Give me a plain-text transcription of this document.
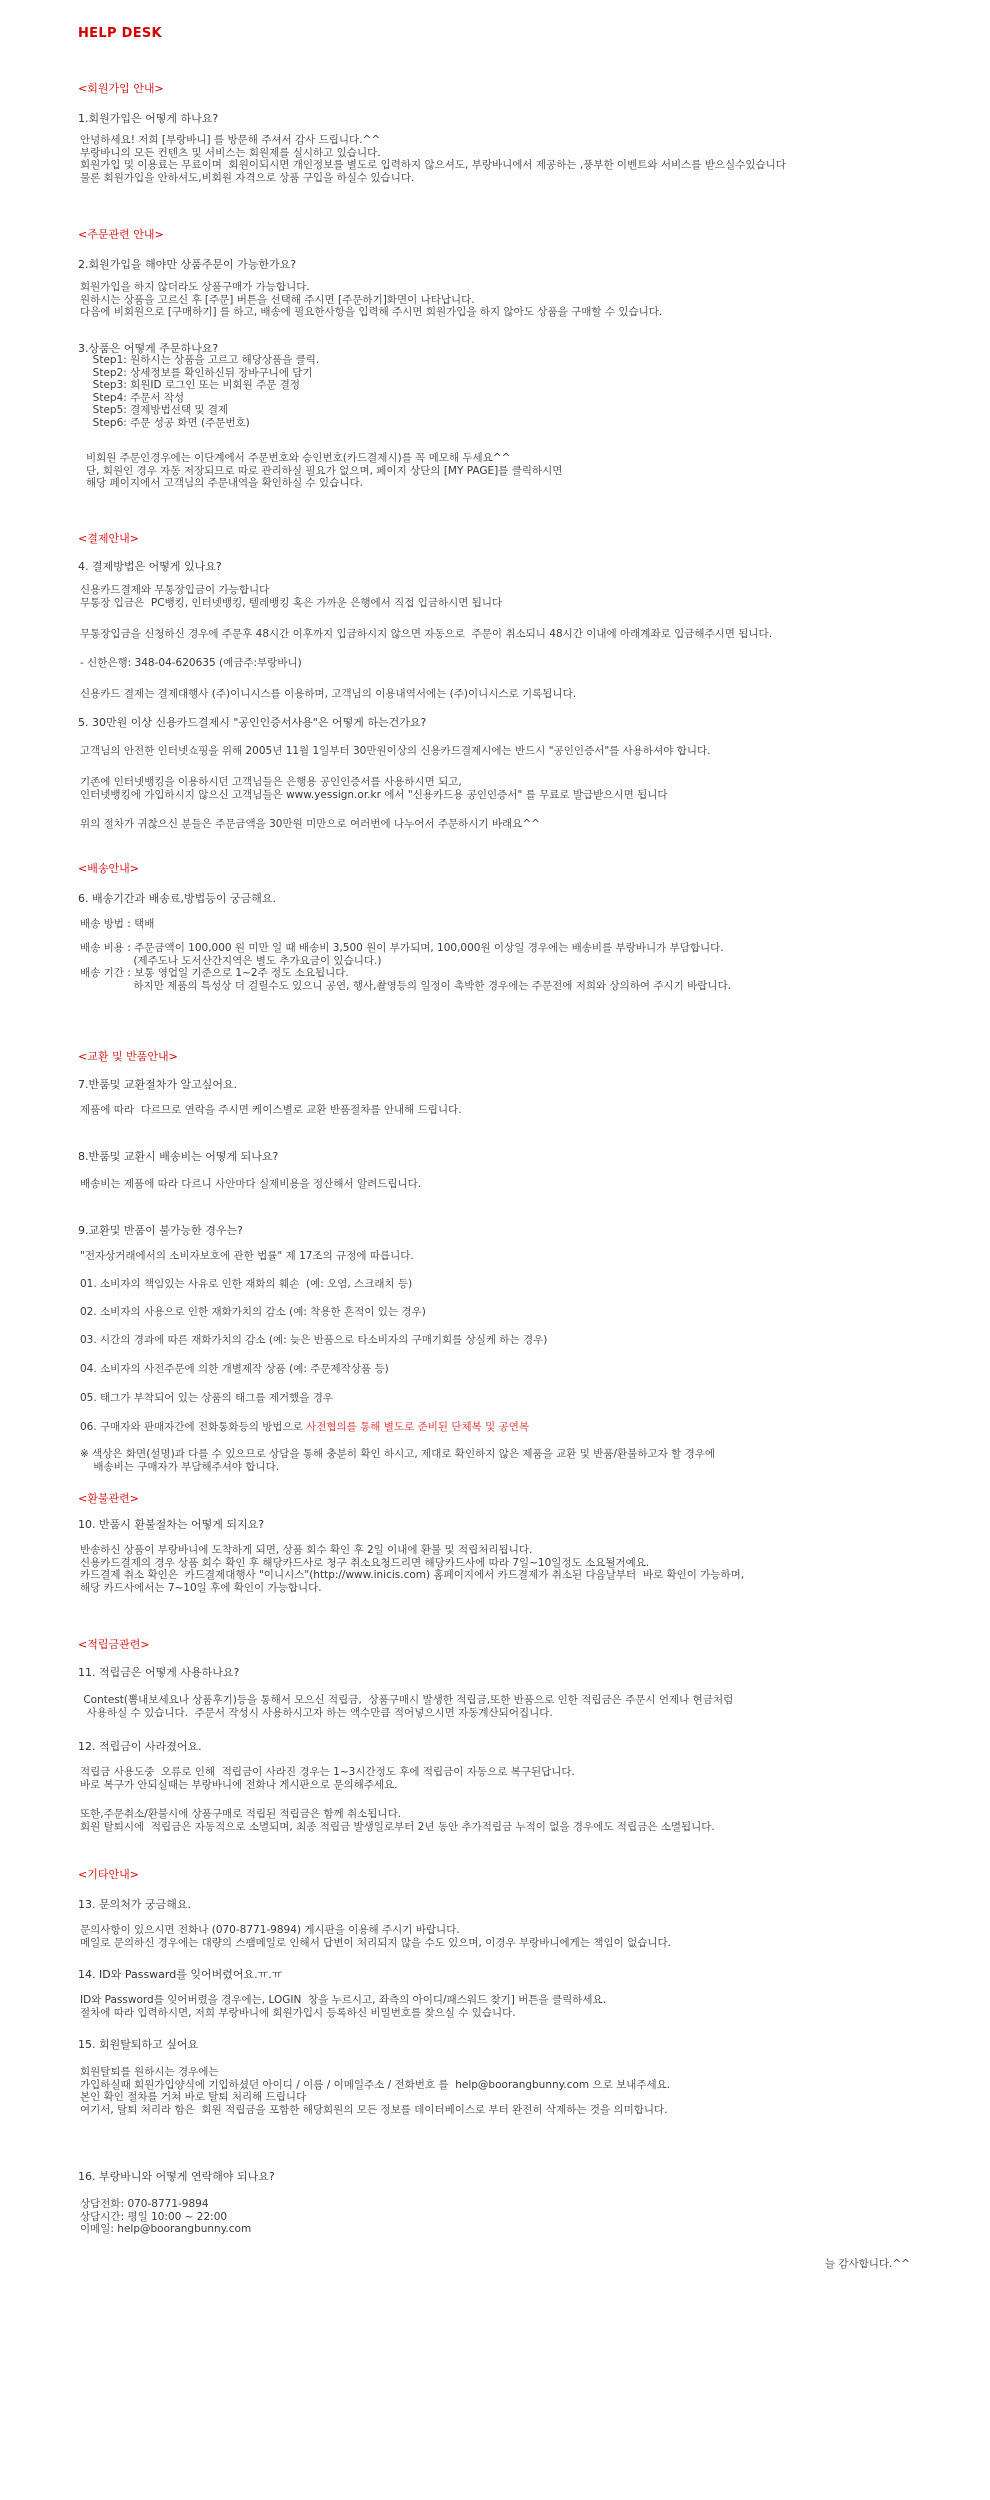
HELP DESK
<회원가입 안내>
1.회원가입은 어떻게 하나요?
안녕하세요! 저희 [부랑바니] 를 방문해 주셔서 감사 드립니다.^^
부랑바니의 모든 컨텐츠 및 서비스는 회원제를 실시하고 있습니다.
회원가입 및 이용료는 무료이며  회원이되시면 개인정보를 별도로 입력하지 않으셔도, 부랑바니에서 제공하는 ,풍부한 이벤트와 서비스를 받으실수있습니다
물론 회원가입을 안하셔도,비회원 자격으로 상품 구입을 하실수 있습니다.
<주문관련 안내>
2.회원가입을 해야만 상품주문이 가능한가요?
회원가입을 하지 않더라도 상품구매가 가능합니다.
원하시는 상품을 고르신 후 [주문] 버튼을 선택해 주시면 [주문하기]화면이 나타납니다.
다음에 비회원으로 [구매하기] 를 하고, 배송에 필요한사항을 입력해 주시면 회원가입을 하지 않아도 상품을 구매할 수 있습니다.
3.상품은 어떻게 주문하나요?
Step1: 원하시는 상품을 고르고 해당상품을 클릭.
Step2: 상세정보를 확인하신뒤 장바구니에 담기
Step3: 회원ID 로그인 또는 비회원 주문 결정
Step4: 주문서 작성
Step5: 결제방법선택 및 결제
Step6: 주문 성공 화면 (주문번호)
비회원 주문인경우에는 이단계에서 주문번호와 승인번호(카드결제시)를 꼭 메모해 두세요^^
단, 회원인 경우 자동 저장되므로 따로 관리하실 필요가 없으며, 페이지 상단의 [MY PAGE]를 클릭하시면
해당 페이지에서 고객님의 주문내역을 확인하실 수 있습니다.
<결제안내>
4. 결제방법은 어떻게 있나요?
신용카드결제와 무통장입금이 가능합니다
무통장 입금은  PC뱅킹, 인터넷뱅킹, 텔레뱅킹 혹은 가까운 은행에서 직접 입금하시면 됩니다
무통장입금을 신청하신 경우에 주문후 48시간 이후까지 입금하시지 않으면 자동으로  주문이 취소되니 48시간 이내에 아래계좌로 입금해주시면 됩니다.
- 신한은행: 348-04-620635 (예금주:부랑바니)
신용카드 결제는 결제대행사 (주)이니시스를 이용하며, 고객님의 이용내역서에는 (주)이니시스로 기록됩니다.
5. 30만원 이상 신용카드결제시 "공인인증서사용"은 어떻게 하는건가요?
고객님의 안전한 인터넷쇼핑을 위해 2005년 11월 1일부터 30만원이상의 신용카드결제시에는 반드시 "공인인증서"를 사용하셔야 합니다.
기존에 인터넷뱅킹을 이용하시던 고객님들은 은행용 공인인증서를 사용하시면 되고,
인터넷뱅킹에 가입하시지 않으신 고객님들은 www.yessign.or.kr 에서 "신용카드용 공인인증서" 를 무료로 발급받으시면 됩니다
위의 절차가 귀찮으신 분들은 주문금액을 30만원 미만으로 여러번에 나누어서 주문하시기 바래요^^
<배송안내>
6. 배송기간과 배송료,방법등이 궁금해요.
배송 방법 : 택배
배송 비용 : 주문금액이 100,000 원 미만 일 때 배송비 3,500 원이 부가되며, 100,000원 이상일 경우에는 배송비를 부랑바니가 부담합니다.
(제주도나 도서산간지역은 별도 추가요금이 있습니다.)
배송 기간 : 보통 영업일 기준으로 1~2주 정도 소요됩니다.
하지만 제품의 특성상 더 걸릴수도 있으니 공연, 행사,촬영등의 일정이 촉박한 경우에는 주문전에 저희와 상의하여 주시기 바랍니다.
<교환 및 반품안내>
7.반품및 교환절차가 알고싶어요.
제품에 따라  다르므로 연락을 주시면 케이스별로 교환 반품절차를 안내해 드립니다.
8.반품및 교환시 배송비는 어떻게 되나요?
배송비는 제품에 따라 다르니 사안마다 실제비용을 정산해서 알려드립니다.
9.교환및 반품이 불가능한 경우는?
"전자상거래에서의 소비자보호에 관한 법률" 제 17조의 규정에 따릅니다.
01. 소비자의 책임있는 사유로 인한 재화의 훼손  (예: 오염, 스크래치 등)
02. 소비자의 사용으로 인한 재화가치의 감소 (예: 착용한 흔적이 있는 경우)
03. 시간의 경과에 따른 재화가치의 감소 (예: 늦은 반품으로 타소비자의 구매기회를 상실케 하는 경우)
04. 소비자의 사전주문에 의한 개별제작 상품 (예: 주문제작상품 등)
05. 태그가 부착되어 있는 상품의 태그를 제거했을 경우
06. 구매자와 판매자간에 전화통화등의 방법으로 사전협의를 통해 별도로 준비된 단체복 및 공연복
※ 색상은 화면(설명)과 다를 수 있으므로 상담을 통해 충분히 확인 하시고, 제대로 확인하지 않은 제품을 교환 및 반품/환불하고자 할 경우에
배송비는 구매자가 부담해주셔야 합니다.
<환불관련>
10. 반품시 환불절차는 어떻게 되지요?
반송하신 상품이 부랑바니에 도착하게 되면, 상품 회수 확인 후 2일 이내에 환불 및 적립처리됩니다.
신용카드결제의 경우 상품 회수 확인 후 해당카드사로 청구 취소요청드리면 해당카드사에 따라 7일~10일정도 소요될거예요.
카드결제 취소 확인은  카드결제대행사 "이니시스"(http://www.inicis.com) 홈페이지에서 카드결제가 취소된 다음날부터  바로 확인이 가능하며,
해당 카드사에서는 7~10일 후에 확인이 가능합니다.
<적립금관련>
11. 적립금은 어떻게 사용하나요?
Contest(뽐내보세요나 상품후기)등을 통해서 모으신 적립금,  상품구매시 발생한 적립금,또한 반품으로 인한 적립금은 주문시 언제나 현금처럼
사용하실 수 있습니다.  주문서 작성시 사용하시고자 하는 액수만큼 적어넣으시면 자동계산되어집니다.
12. 적립금이 사라졌어요.
적립금 사용도중  오류로 인해  적립금이 사라진 경우는 1~3시간정도 후에 적립금이 자동으로 복구된답니다.
바로 복구가 안되실때는 부랑바니에 전화나 게시판으로 문의해주세요.
또한,주문취소/환불시에 상품구매로 적립된 적립금은 함께 취소됩니다.
회원 탈퇴시에  적립금은 자동적으로 소멸되며, 최종 적립금 발생일로부터 2년 동안 추가적립금 누적이 없을 경우에도 적립금은 소멸됩니다.
<기타안내>
13. 문의처가 궁금해요.
문의사항이 있으시면 전화나 (070-8771-9894) 게시판을 이용해 주시기 바랍니다.
메일로 문의하신 경우에는 대량의 스팸메일로 인해서 답변이 처리되지 않을 수도 있으며, 이경우 부랑바니에게는 책임이 없습니다.
14. ID와 Passward를 잊어버렸어요.ㅠ.ㅠ
ID와 Password를 잊어버렸을 경우에는, LOGIN  창을 누르시고, 좌측의 아이디/패스워드 찾기] 버튼을 클릭하세요.
절차에 따라 입력하시면, 저희 부랑바니에 회원가입시 등록하신 비밀번호를 찾으실 수 있습니다.
15. 회원탈퇴하고 싶어요
회원탈퇴를 원하시는 경우에는
가입하실때 회원가입양식에 기입하셨던 아이디 / 이름 / 이메일주소 / 전화번호 를  help@boorangbunny.com 으로 보내주세요.
본인 확인 절차를 거쳐 바로 탈퇴 처리해 드립니다
여기서, 탈퇴 처리라 함은  회원 적립금을 포함한 해당회원의 모든 정보를 데이터베이스로 부터 완전히 삭제하는 것을 의미합니다.
16. 부랑바니와 어떻게 연락해야 되나요?
상담전화: 070-8771-9894
상담시간: 평일 10:00 ~ 22:00
이메일: help@boorangbunny.com
늘 감사합니다.^^
